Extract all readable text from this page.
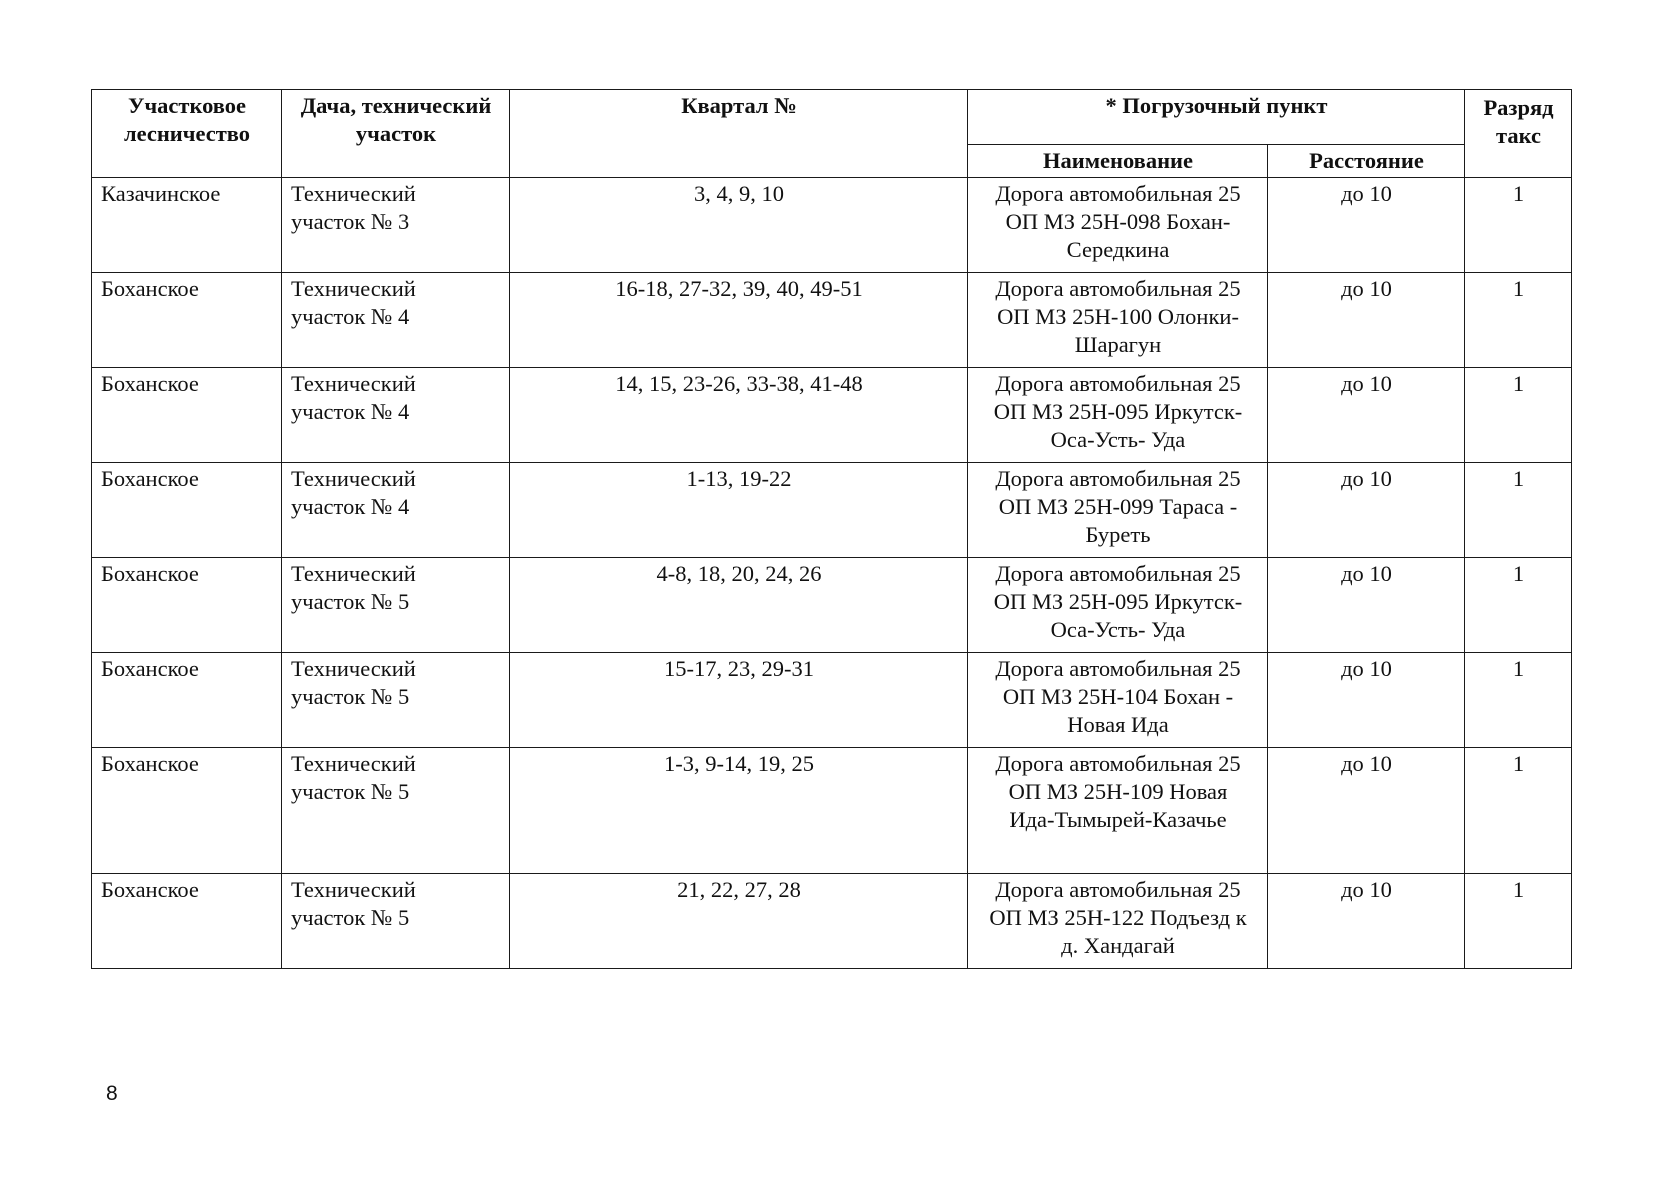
Участковое
лесничество	Дача, технический
участок	Квартал №	* Погрузочный пункт		Разряд
такс

			Наименование	Расстояние	

Казачинское	Технический
участок № 3	3, 4, 9, 10	Дорога автомобильная 25
ОП МЗ 25Н-098 Бохан-
Середкина	до 10	1

Боханское	Технический
участок № 4	16-18, 27-32, 39, 40, 49-51	Дорога автомобильная 25
ОП МЗ 25Н-100 Олонки-
Шарагун	до 10	1

Боханское	Технический
участок № 4	14, 15, 23-26, 33-38, 41-48	Дорога автомобильная 25
ОП МЗ 25Н-095 Иркутск-
Оса-Усть- Уда	до 10	1

Боханское	Технический
участок № 4	1-13, 19-22	Дорога автомобильная 25
ОП МЗ 25Н-099 Тараса -
Буреть	до 10	1

Боханское	Технический
участок № 5	4-8, 18, 20, 24, 26	Дорога автомобильная 25
ОП МЗ 25Н-095 Иркутск-
Оса-Усть- Уда	до 10	1

Боханское	Технический
участок № 5	15-17, 23, 29-31	Дорога автомобильная 25
ОП МЗ 25Н-104 Бохан -
Новая Ида	до 10	1

Боханское	Технический
участок № 5	1-3, 9-14, 19, 25	Дорога автомобильная 25
ОП МЗ 25Н-109 Новая
Ида-Тымырей-Казачье	до 10	1

Боханское	Технический
участок № 5	21, 22, 27, 28	Дорога автомобильная 25
ОП МЗ 25Н-122 Подъезд к
д. Хандагай	до 10	1
8
